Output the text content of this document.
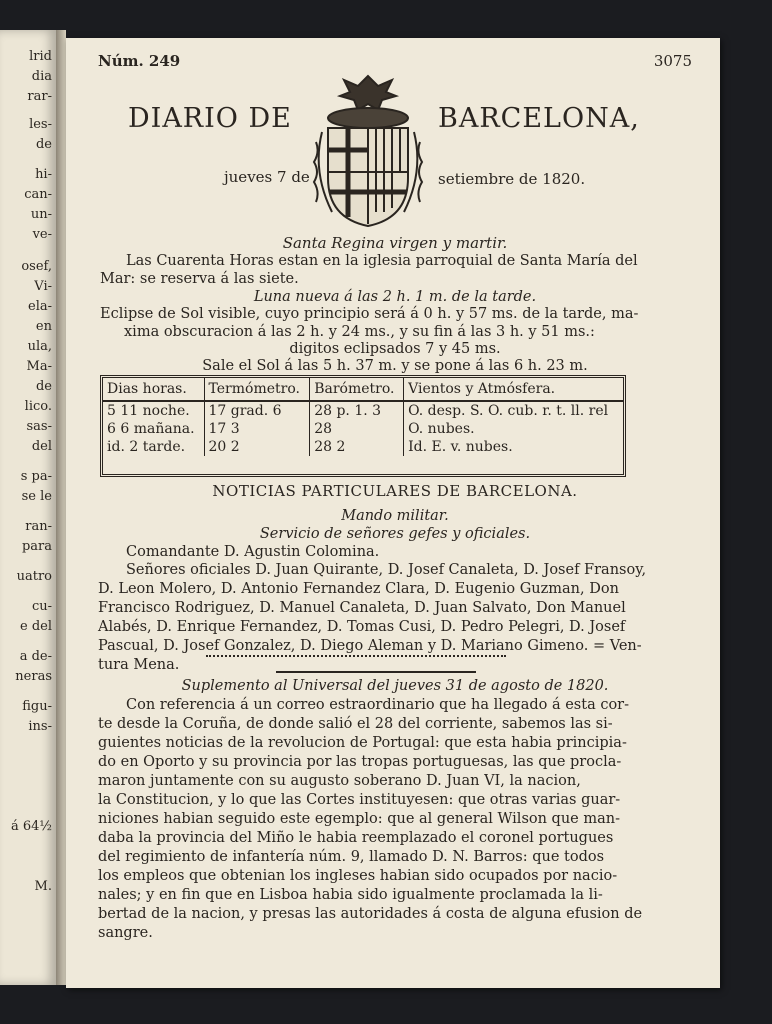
lrid
dia
rar-
les-
de
hi-
can-
un-
ve-
osef,
Vi-
ela-
en
ula,
Ma-
de
lico.
sas-
del
s pa-
se le
ran-
para
uatro
cu-
e del
a de-
neras
figu-
ins-
á 64½
M.
Núm. 249	3075
DIARIO DE	BARCELONA,
jueves 7 de	setiembre de 1820.
Santa Regina virgen y martir.
Las Cuarenta Horas estan en la iglesia parroquial de Santa María del
Mar: se reserva á las siete.
Luna nueva á las 2 h. 1 m. de la tarde.
Eclipse de Sol visible, cuyo principio será á 0 h. y 57 ms. de la tarde, ma-
xima obscuracion á las 2 h. y 24 ms., y su fin á las 3 h. y 51 ms.:
digitos eclipsados 7 y 45 ms.
Sale el Sol á las 5 h. 37 m. y se pone á las 6 h. 23 m.
Dias horas.	Termómetro.	Barómetro.	Vientos y Atmósfera.
5 11 noche.	17 grad. 6	28 p. 1. 3	O. desp. S. O. cub. r. t. ll. rel
6 6 mañana.	17 3	28	O. nubes.
id. 2 tarde.	20 2	28 2	Id. E. v. nubes.
NOTICIAS PARTICULARES DE BARCELONA.
Mando militar.
Servicio de señores gefes y oficiales.
Comandante D. Agustin Colomina.
Señores oficiales D. Juan Quirante, D. Josef Canaleta, D. Josef Fransoy,
D. Leon Molero, D. Antonio Fernandez Clara, D. Eugenio Guzman, Don
Francisco Rodriguez, D. Manuel Canaleta, D. Juan Salvato, Don Manuel
Alabés, D. Enrique Fernandez, D. Tomas Cusi, D. Pedro Pelegri, D. Josef
Pascual, D. Josef Gonzalez, D. Diego Aleman y D. Mariano Gimeno. = Ven-
tura Mena.
Suplemento al Universal del jueves 31 de agosto de 1820.
Con referencia á un correo estraordinario que ha llegado á esta cor-
te desde la Coruña, de donde salió el 28 del corriente, sabemos las si-
guientes noticias de la revolucion de Portugal: que esta habia principia-
do en Oporto y su provincia por las tropas portuguesas, las que procla-
maron juntamente con su augusto soberano D. Juan VI, la nacion,
la Constitucion, y lo que las Cortes instituyesen: que otras varias guar-
niciones habian seguido este egemplo: que al general Wilson que man-
daba la provincia del Miño le habia reemplazado el coronel portugues
del regimiento de infantería núm. 9, llamado D. N. Barros: que todos
los empleos que obtenian los ingleses habian sido ocupados por nacio-
nales; y en fin que en Lisboa habia sido igualmente proclamada la li-
bertad de la nacion, y presas las autoridades á costa de alguna efusion de
sangre.
